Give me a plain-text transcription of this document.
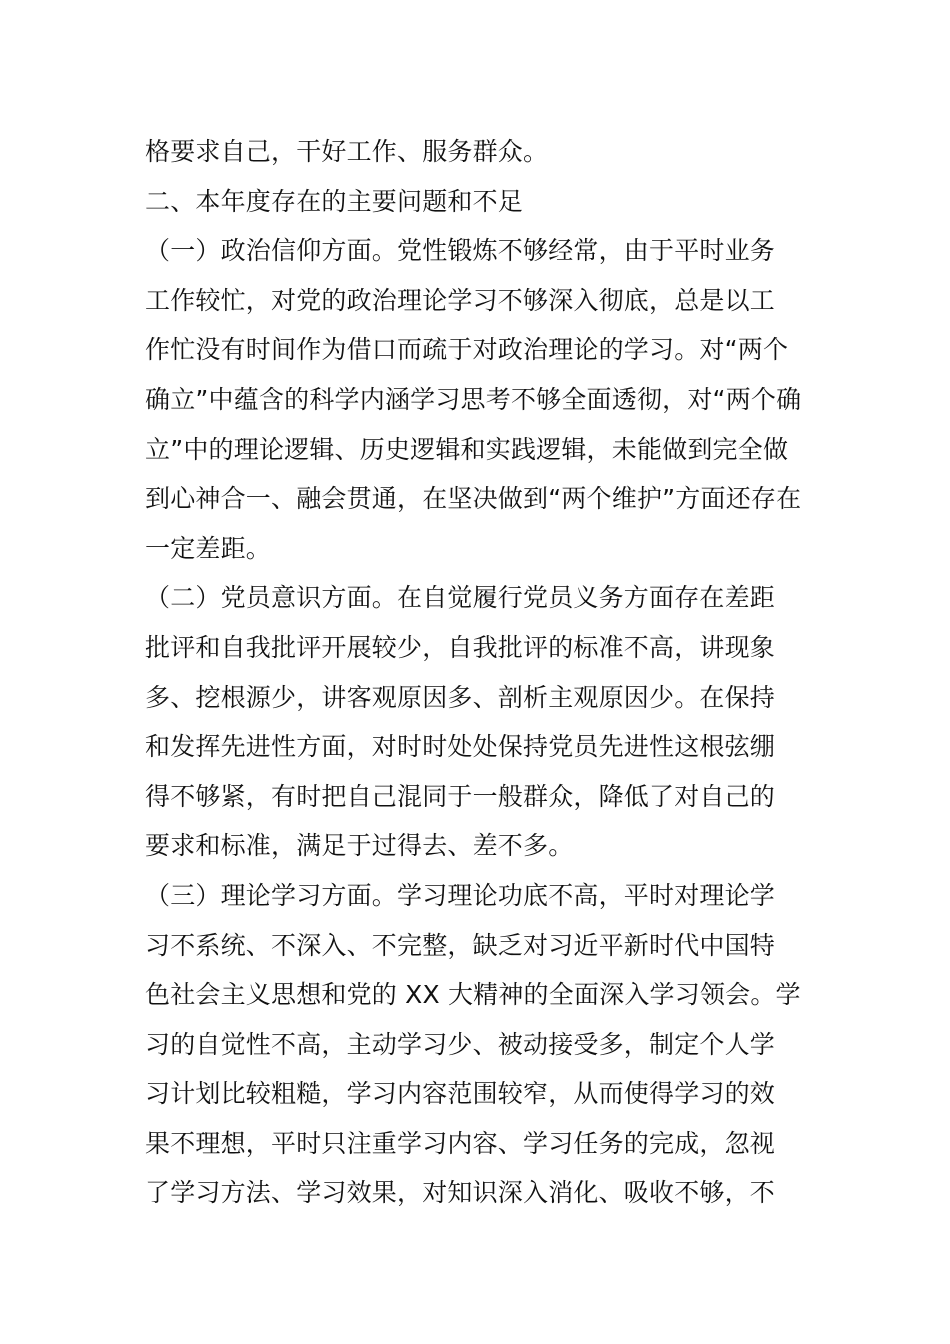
格要求自己，干好工作、服务群众。
二、本年度存在的主要问题和不足
（一）政治信仰方面。党性锻炼不够经常，由于平时业务
工作较忙，对党的政治理论学习不够深入彻底，总是以工
作忙没有时间作为借口而疏于对政治理论的学习。对“两个
确立”中蕴含的科学内涵学习思考不够全面透彻，对“两个确
立”中的理论逻辑、历史逻辑和实践逻辑，未能做到完全做
到心神合一、融会贯通，在坚决做到“两个维护”方面还存在
一定差距。
（二）党员意识方面。在自觉履行党员义务方面存在差距
批评和自我批评开展较少，自我批评的标准不高，讲现象
多、挖根源少，讲客观原因多、剖析主观原因少。在保持
和发挥先进性方面，对时时处处保持党员先进性这根弦绷
得不够紧，有时把自己混同于一般群众，降低了对自己的
要求和标准，满足于过得去、差不多。
（三）理论学习方面。学习理论功底不高，平时对理论学
习不系统、不深入、不完整，缺乏对习近平新时代中国特
色社会主义思想和党的 XX 大精神的全面深入学习领会。学
习的自觉性不高，主动学习少、被动接受多，制定个人学
习计划比较粗糙，学习内容范围较窄，从而使得学习的效
果不理想，平时只注重学习内容、学习任务的完成，忽视
了学习方法、学习效果，对知识深入消化、吸收不够，不
